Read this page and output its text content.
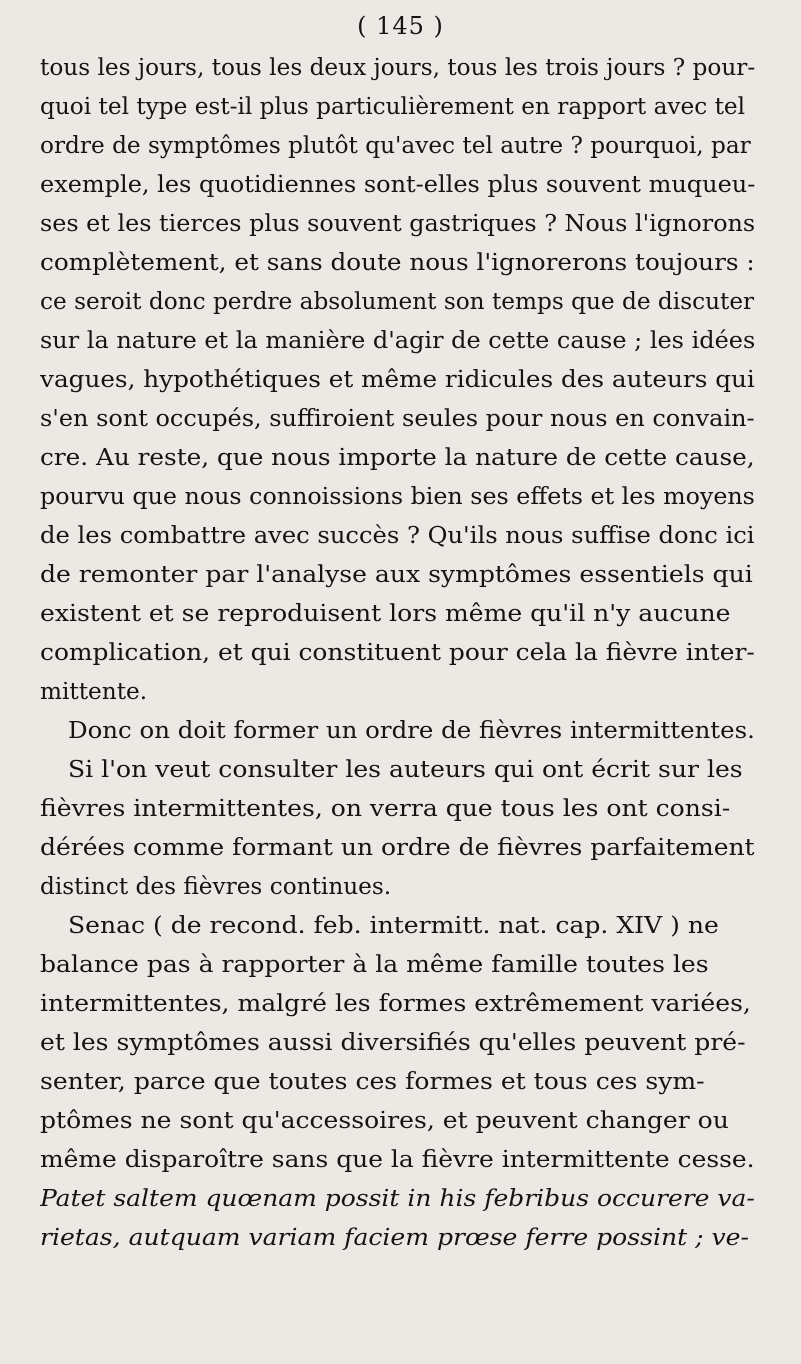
( 145 )
tous les jours, tous les deux jours, tous les trois jours ? pour-
quoi tel type est-il plus particulièrement en rapport avec tel
ordre de symptômes plutôt qu'avec tel autre ? pourquoi, par
exemple, les quotidiennes sont-elles plus souvent muqueu-
ses et les tierces plus souvent gastriques ? Nous l'ignorons
complètement, et sans doute nous l'ignorerons toujours :
ce seroit donc perdre absolument son temps que de discuter
sur la nature et la manière d'agir de cette cause ; les idées
vagues, hypothétiques et même ridicules des auteurs qui
s'en sont occupés, suffiroient seules pour nous en convain-
cre. Au reste, que nous importe la nature de cette cause,
pourvu que nous connoissions bien ses effets et les moyens
de les combattre avec succès ? Qu'ils nous suffise donc ici
de remonter par l'analyse aux symptômes essentiels qui
existent et se reproduisent lors même qu'il n'y aucune
complication, et qui constituent pour cela la fièvre inter-
mittente.
Donc on doit former un ordre de fièvres intermittentes.
Si l'on veut consulter les auteurs qui ont écrit sur les
fièvres intermittentes, on verra que tous les ont consi-
dérées comme formant un ordre de fièvres parfaitement
distinct des fièvres continues.
Senac ( de recond. feb. intermitt. nat. cap. XIV ) ne
balance pas à rapporter à la même famille toutes les
intermittentes, malgré les formes extrêmement variées,
et les symptômes aussi diversifiés qu'elles peuvent pré-
senter, parce que toutes ces formes et tous ces sym-
ptômes ne sont qu'accessoires, et peuvent changer ou
même disparoître sans que la fièvre intermittente cesse.
Patet saltem quœnam possit in his febribus occurere va-
rietas, autquam variam faciem prœse ferre possint ; ve-
